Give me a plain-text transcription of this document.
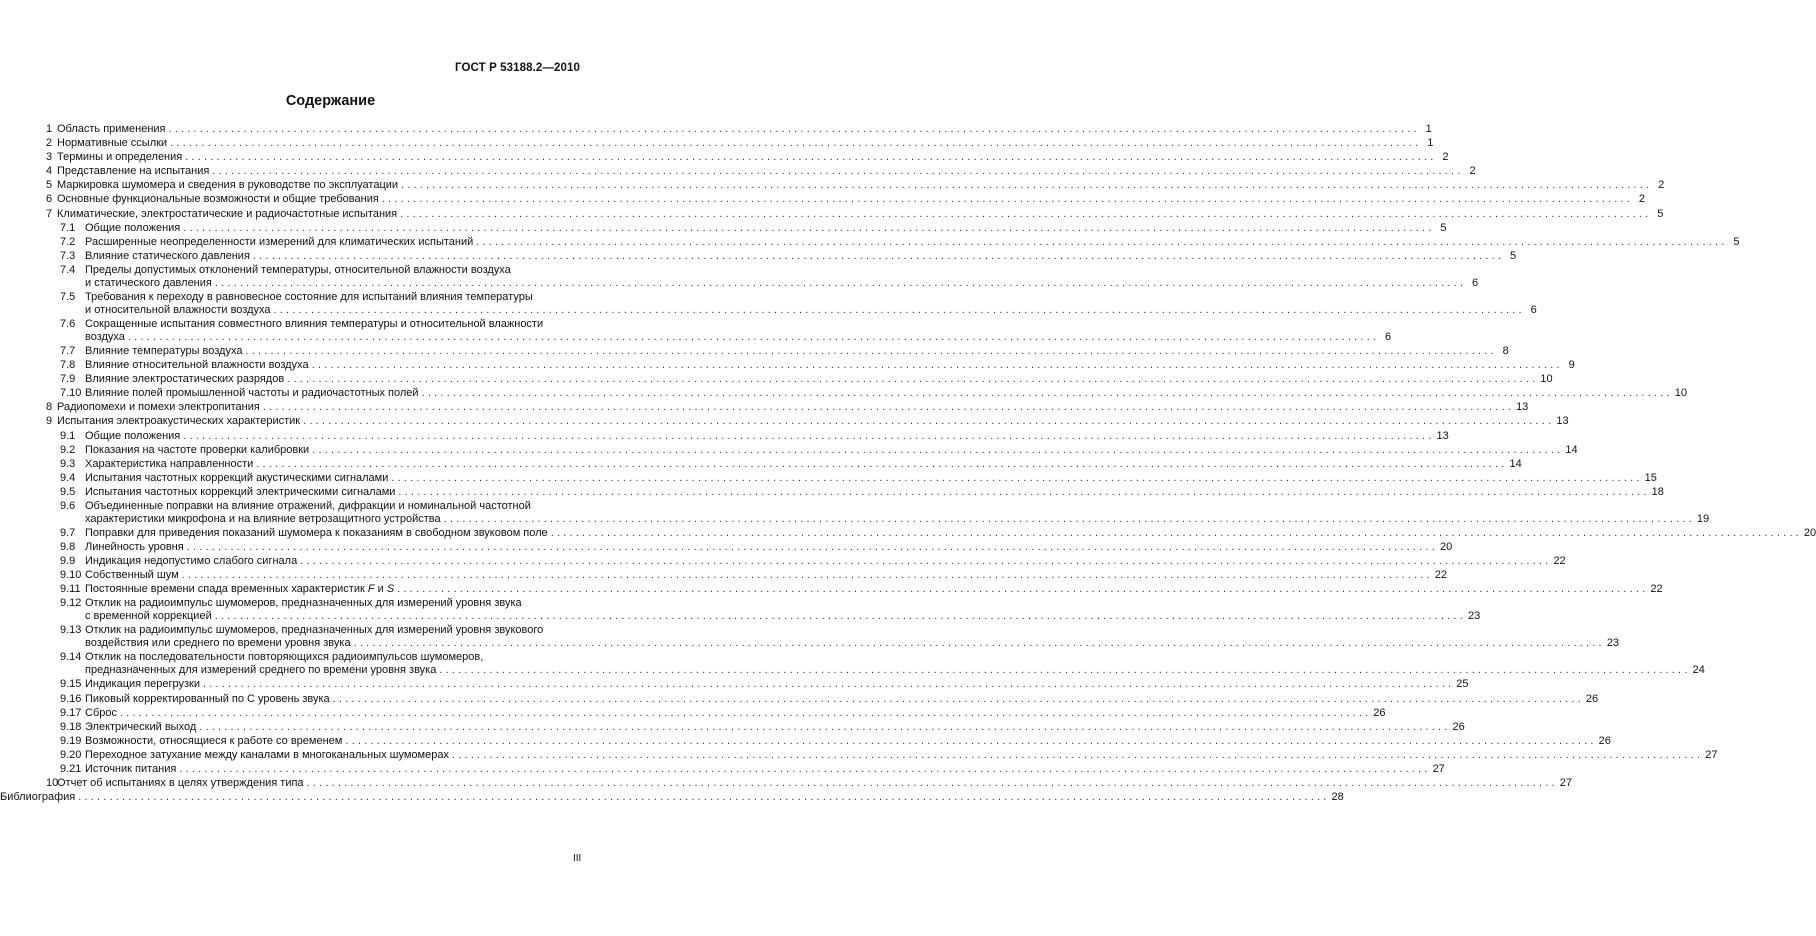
ГОСТ Р 53188.2—2010
Содержание
1 Область применения ........................................................................................................................................................................................................ 1
2 Нормативные ссылки ........................................................................................................................................................................................................ 1
3 Термины и определения ........................................................................................................................................................................................................ 2
4 Представление на испытания ........................................................................................................................................................................................................ 2
5 Маркировка шумомера и сведения в руководстве по эксплуатации ........................................................................................................................................................................................................ 2
6 Основные функциональные возможности и общие требования ........................................................................................................................................................................................................ 2
7 Климатические, электростатические и радиочастотные испытания ........................................................................................................................................................................................................ 5
7.1 Общие положения ........................................................................................................................................................................................................ 5
7.2 Расширенные неопределенности измерений для климатических испытаний ........................................................................................................................................................................................................ 5
7.3 Влияние статического давления ........................................................................................................................................................................................................ 5
7.4 Пределы допустимых отклонений температуры, относительной влажности воздуха
и статического давления ........................................................................................................................................................................................................ 6
7.5 Требования к переходу в равновесное состояние для испытаний влияния температуры
и относительной влажности воздуха ........................................................................................................................................................................................................ 6
7.6 Сокращенные испытания совместного влияния температуры и относительной влажности
воздуха ........................................................................................................................................................................................................ 6
7.7 Влияние температуры воздуха ........................................................................................................................................................................................................ 8
7.8 Влияние относительной влажности воздуха ........................................................................................................................................................................................................ 9
7.9 Влияние электростатических разрядов ........................................................................................................................................................................................................ 10
7.10 Влияние полей промышленной частоты и радиочастотных полей ........................................................................................................................................................................................................ 10
8 Радиопомехи и помехи электропитания ........................................................................................................................................................................................................ 13
9 Испытания электроакустических характеристик ........................................................................................................................................................................................................ 13
9.1 Общие положения ........................................................................................................................................................................................................ 13
9.2 Показания на частоте проверки калибровки ........................................................................................................................................................................................................ 14
9.3 Характеристика направленности ........................................................................................................................................................................................................ 14
9.4 Испытания частотных коррекций акустическими сигналами ........................................................................................................................................................................................................ 15
9.5 Испытания частотных коррекций электрическими сигналами ........................................................................................................................................................................................................ 18
9.6 Объединенные поправки на влияние отражений, дифракции и номинальной частотной
характеристики микрофона и на влияние ветрозащитного устройства ........................................................................................................................................................................................................ 19
9.7 Поправки для приведения показаний шумомера к показаниям в свободном звуковом поле ........................................................................................................................................................................................................ 20
9.8 Линейность уровня ........................................................................................................................................................................................................ 20
9.9 Индикация недопустимо слабого сигнала ........................................................................................................................................................................................................ 22
9.10 Собственный шум ........................................................................................................................................................................................................ 22
9.11 Постоянные времени спада временных характеристик F и S ........................................................................................................................................................................................................ 22
9.12 Отклик на радиоимпульс шумомеров, предназначенных для измерений уровня звука
с временной коррекцией ........................................................................................................................................................................................................ 23
9.13 Отклик на радиоимпульс шумомеров, предназначенных для измерений уровня звукового
воздействия или среднего по времени уровня звука ........................................................................................................................................................................................................ 23
9.14 Отклик на последовательности повторяющихся радиоимпульсов шумомеров,
предназначенных для измерений среднего по времени уровня звука ........................................................................................................................................................................................................ 24
9.15 Индикация перегрузки ........................................................................................................................................................................................................ 25
9.16 Пиковый корректированный по C уровень звука ........................................................................................................................................................................................................ 26
9.17 Сброс ........................................................................................................................................................................................................ 26
9.18 Электрический выход ........................................................................................................................................................................................................ 26
9.19 Возможности, относящиеся к работе со временем ........................................................................................................................................................................................................ 26
9.20 Переходное затухание между каналами в многоканальных шумомерах ........................................................................................................................................................................................................ 27
9.21 Источник питания ........................................................................................................................................................................................................ 27
10
Отчет об испытаниях в целях утверждения типа ........................................................................................................................................................................................................ 27
Библиография ........................................................................................................................................................................................................ 28
III
